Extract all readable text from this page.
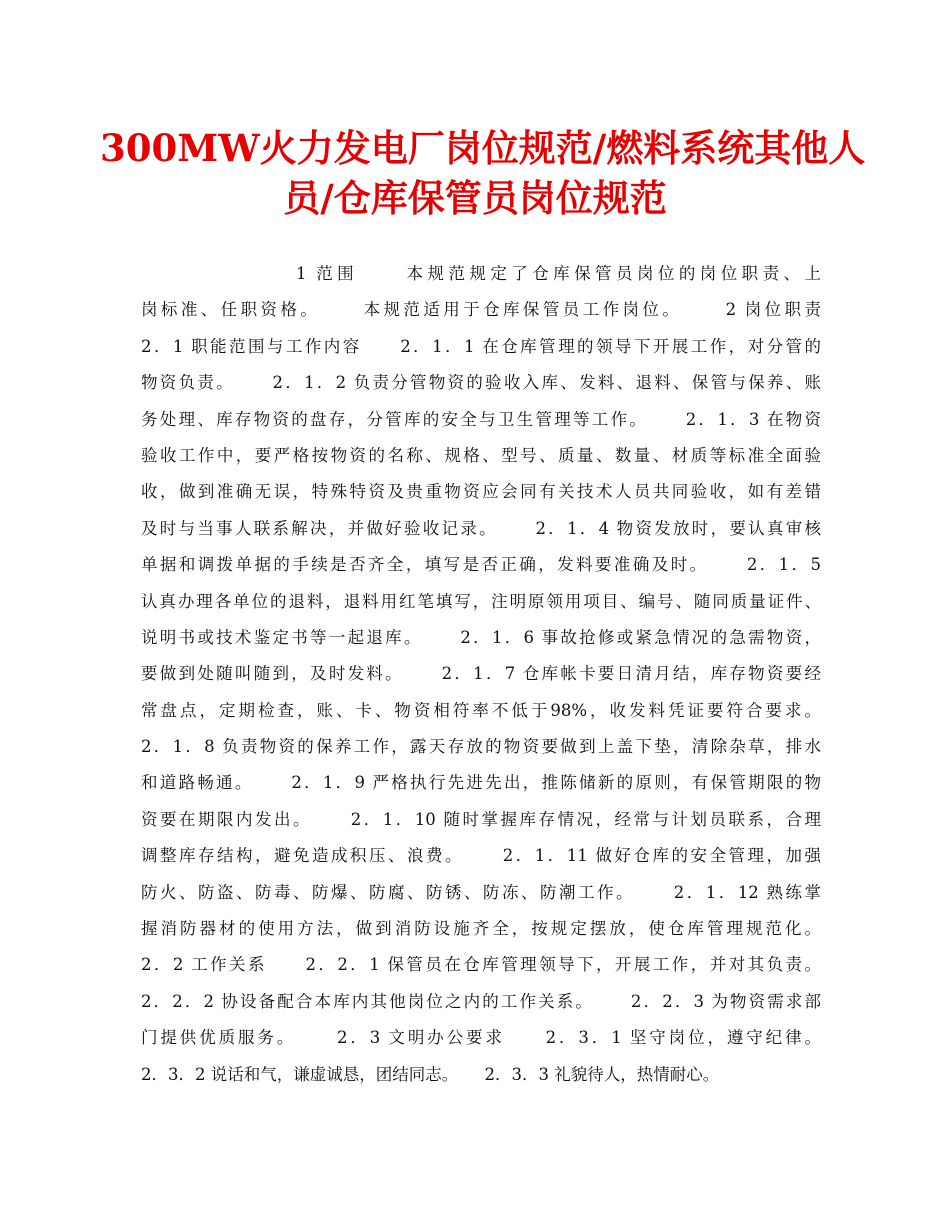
300MW火力发电厂岗位规范/燃料系统其他人
员/仓库保管员岗位规范
1 范围     本规范规定了仓库保管员岗位的岗位职责、上
岗标准、任职资格。     本规范适用于仓库保管员工作岗位。     2 岗位职责
2．1 职能范围与工作内容     2．1．1 在仓库管理的领导下开展工作，对分管的
物资负责。     2．1．2 负责分管物资的验收入库、发料、退料、保管与保养、账
务处理、库存物资的盘存，分管库的安全与卫生管理等工作。     2．1．3 在物资
验收工作中，要严格按物资的名称、规格、型号、质量、数量、材质等标准全面验
收，做到准确无误，特殊特资及贵重物资应会同有关技术人员共同验收，如有差错
及时与当事人联系解决，并做好验收记录。     2．1．4 物资发放时，要认真审核
单据和调拨单据的手续是否齐全，填写是否正确，发料要准确及时。     2．1．5
认真办理各单位的退料，退料用红笔填写，注明原领用项目、编号、随同质量证件、
说明书或技术鉴定书等一起退库。     2．1．6 事故抢修或紧急情况的急需物资，
要做到处随叫随到，及时发料。     2．1．7 仓库帐卡要日清月结，库存物资要经
常盘点，定期检查，账、卡、物资相符率不低于98%，收发料凭证要符合要求。
2．1．8 负责物资的保养工作，露天存放的物资要做到上盖下垫，清除杂草，排水
和道路畅通。     2．1．9 严格执行先进先出，推陈储新的原则，有保管期限的物
资要在期限内发出。     2．1．10 随时掌握库存情况，经常与计划员联系，合理
调整库存结构，避免造成积压、浪费。     2．1．11 做好仓库的安全管理，加强
防火、防盗、防毒、防爆、防腐、防锈、防冻、防潮工作。     2．1．12 熟练掌
握消防器材的使用方法，做到消防设施齐全，按规定摆放，使仓库管理规范化。
2．2 工作关系     2．2．1 保管员在仓库管理领导下，开展工作，并对其负责。
2．2．2 协设备配合本库内其他岗位之内的工作关系。     2．2．3 为物资需求部
门提供优质服务。     2．3 文明办公要求     2．3．1 坚守岗位，遵守纪律。
2．3．2 说话和气，谦虚诚恳，团结同志。     2．3．3 礼貌待人，热情耐心。
